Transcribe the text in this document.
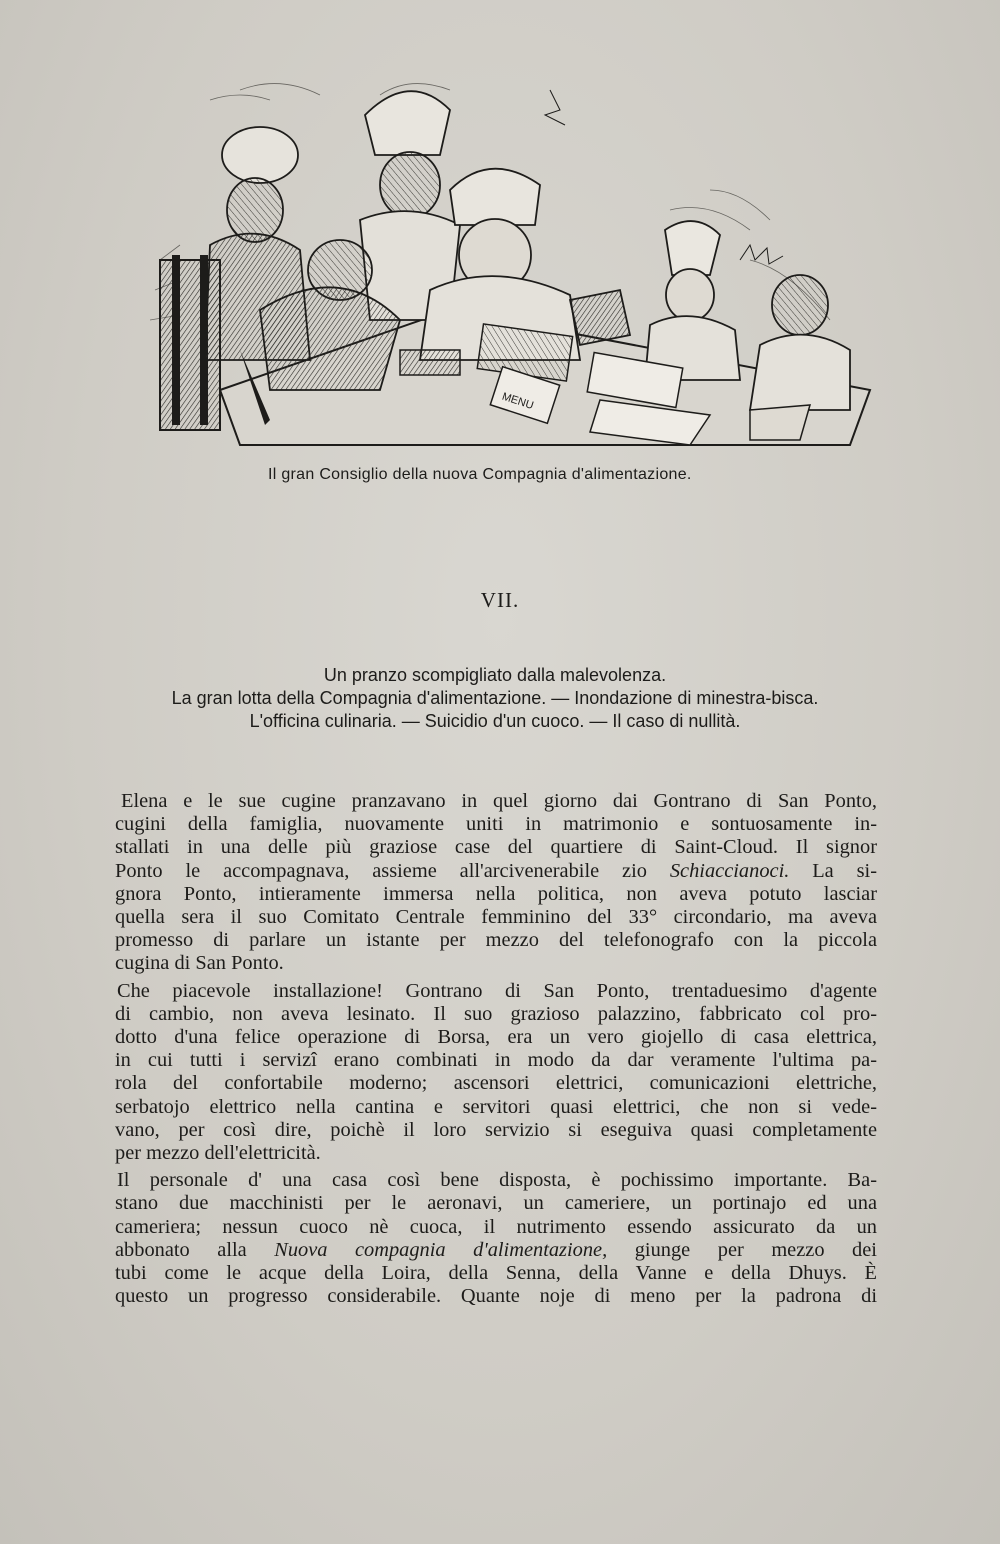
MENU
Il gran Consiglio della nuova Compagnia d'alimentazione.
VII.
Un pranzo scompigliato dalla malevolenza.
La gran lotta della Compagnia d'alimentazione. — Inondazione di minestra-bisca.
L'officina culinaria. — Suicidio d'un cuoco. — Il caso di nullità.

Elena e le sue cugine pranzavano in quel giorno dai Gontrano di San Ponto,
cugini della famiglia, nuovamente uniti in matrimonio e sontuosamente in-
stallati in una delle più graziose case del quartiere di Saint-Cloud. Il signor
Ponto le accompagnava, assieme all'arcivenerabile zio Schiaccianoci. La si-
gnora Ponto, intieramente immersa nella politica, non aveva potuto lasciar
quella sera il suo Comitato Centrale femminino del 33° circondario, ma aveva
promesso di parlare un istante per mezzo del telefonografo con la piccola
cugina di San Ponto.

Che piacevole installazione! Gontrano di San Ponto, trentaduesimo d'agente
di cambio, non aveva lesinato. Il suo grazioso palazzino, fabbricato col pro-
dotto d'una felice operazione di Borsa, era un vero giojello di casa elettrica,
in cui tutti i servizî erano combinati in modo da dar veramente l'ultima pa-
rola del confortabile moderno; ascensori elettrici, comunicazioni elettriche,
serbatojo elettrico nella cantina e servitori quasi elettrici, che non si vede-
vano, per così dire, poichè il loro servizio si eseguiva quasi completamente
per mezzo dell'elettricità.

Il personale d' una casa così bene disposta, è pochissimo importante. Ba-
stano due macchinisti per le aeronavi, un cameriere, un portinajo ed una
cameriera; nessun cuoco nè cuoca, il nutrimento essendo assicurato da un
abbonato alla Nuova compagnia d'alimentazione, giunge per mezzo dei
tubi come le acque della Loira, della Senna, della Vanne e della Dhuys. È
questo un progresso considerabile. Quante noje di meno per la padrona di
